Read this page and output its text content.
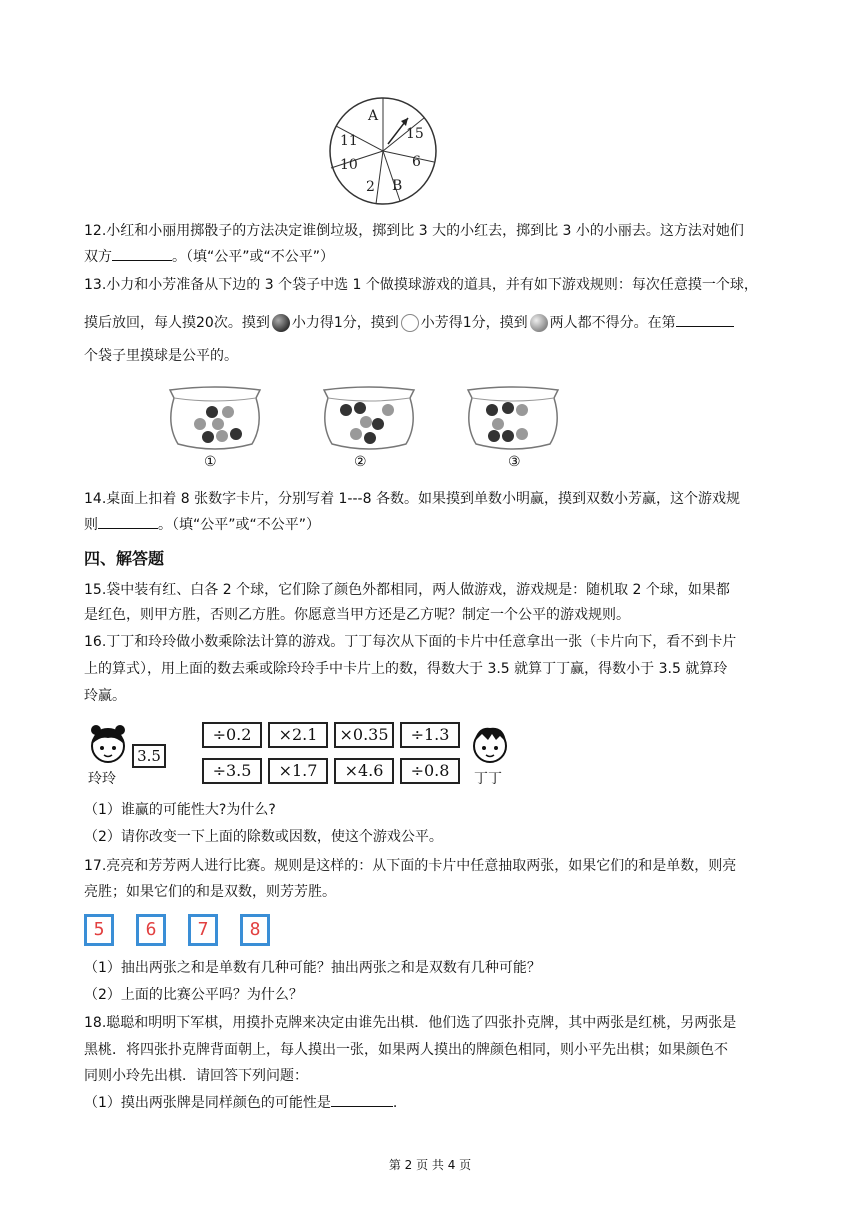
A
15
6
B
2
10
11
12.小红和小丽用掷骰子的方法决定谁倒垃圾，掷到比 3 大的小红去，掷到比 3 小的小丽去。这方法对她们
双方	。（填“公平”或“不公平”）
13.小力和小芳准备从下边的 3 个袋子中选 1 个做摸球游戏的道具，并有如下游戏规则：每次任意摸一个球，
摸后放回，每人摸20次。摸到 小力得1分，摸到 小芳得1分，摸到 两人都不得分。在第
个袋子里摸球是公平的。
①	②	③
14.桌面上扣着 8 张数字卡片，分别写着 1---8 各数。如果摸到单数小明赢，摸到双数小芳赢，这个游戏规
则	。（填“公平”或“不公平”）
四、解答题
15.袋中装有红、白各 2 个球，它们除了颜色外都相同，两人做游戏，游戏规是：随机取 2 个球，如果都
是红色，则甲方胜，否则乙方胜。你愿意当甲方还是乙方呢？制定一个公平的游戏规则。
16.丁丁和玲玲做小数乘除法计算的游戏。丁丁每次从下面的卡片中任意拿出一张（卡片向下，看不到卡片
上的算式），用上面的数去乘或除玲玲手中卡片上的数，得数大于 3.5 就算丁丁赢，得数小于 3.5 就算玲
玲赢。
玲玲
3.5
÷0.2	×2.1	×0.35	÷1.3
÷3.5	×1.7	×4.6	÷0.8	丁丁
（1）谁赢的可能性大?为什么?
（2）请你改变一下上面的除数或因数，使这个游戏公平。
17.亮亮和芳芳两人进行比赛。规则是这样的：从下面的卡片中任意抽取两张，如果它们的和是单数，则亮
亮胜；如果它们的和是双数，则芳芳胜。
5	6	7	8
（1）抽出两张之和是单数有几种可能？抽出两张之和是双数有几种可能？
（2）上面的比赛公平吗？为什么？
18.聪聪和明明下军棋，用摸扑克牌来决定由谁先出棋．他们选了四张扑克牌，其中两张是红桃，另两张是
黑桃．将四张扑克牌背面朝上，每人摸出一张，如果两人摸出的牌颜色相同，则小平先出棋；如果颜色不
同则小玲先出棋．请回答下列问题：
（1）摸出两张牌是同样颜色的可能性是	.
第 2 页 共 4 页
